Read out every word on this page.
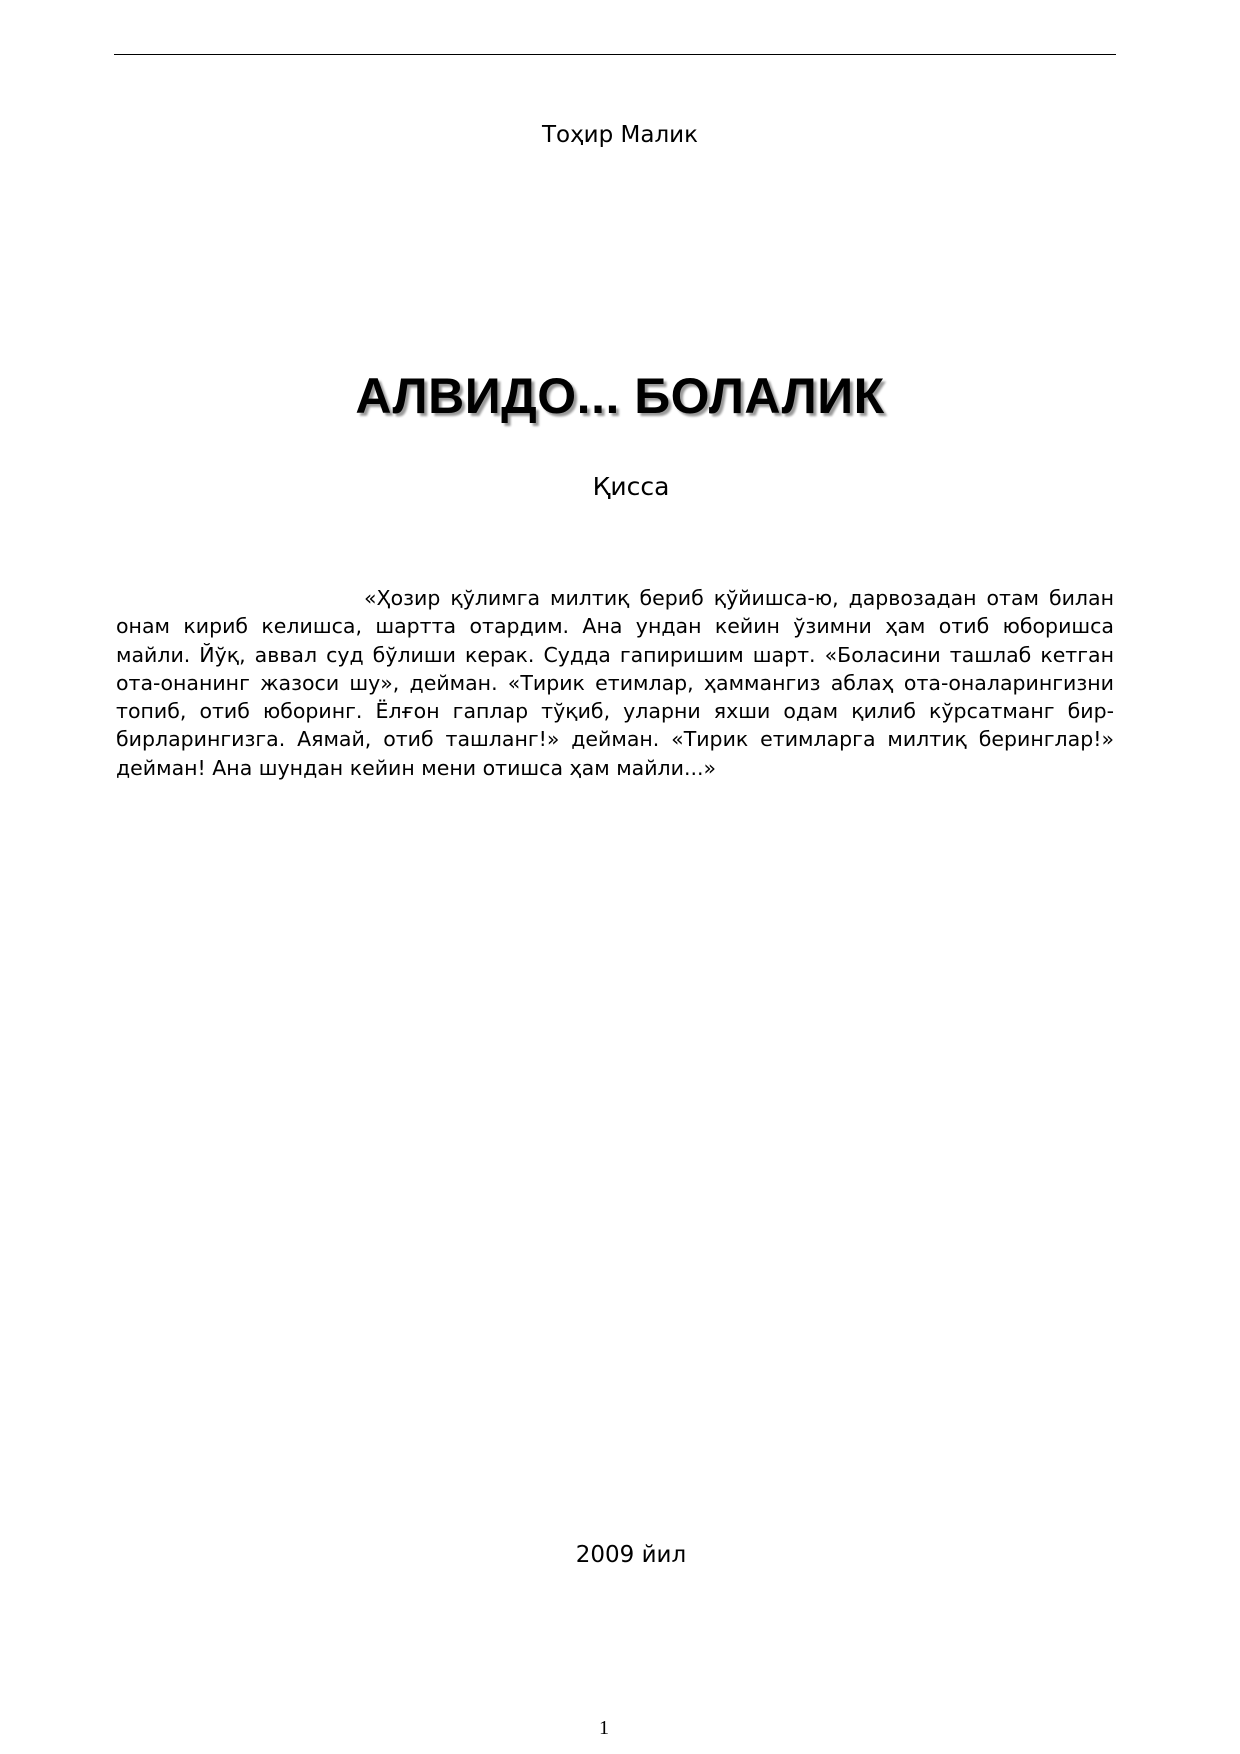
Тоҳир Малик
АЛВИДО... БОЛАЛИК
Қисса

«Ҳозир қўлимга милтиқ бериб қўйишса-ю, дарвозадан отам билан онам кириб келишса, шартта отардим. Ана ундан кейин ўзимни ҳам отиб юборишса майли. Йўқ, аввал суд бўлиши керак. Судда гапиришим шарт. «Боласини ташлаб кетган ота-онанинг жазоси шу», дейман. «Тирик етимлар, ҳаммангиз аблаҳ ота-оналарингизни топиб, отиб юборинг. Ёлғон гаплар тўқиб, уларни яхши одам қилиб кўрсатманг бир-бирларингизга. Аямай, отиб ташланг!» дейман. «Тирик етимларга милтиқ беринглар!» дейман! Ана шундан кейин мени отишса ҳам майли...»

2009 йил
1
